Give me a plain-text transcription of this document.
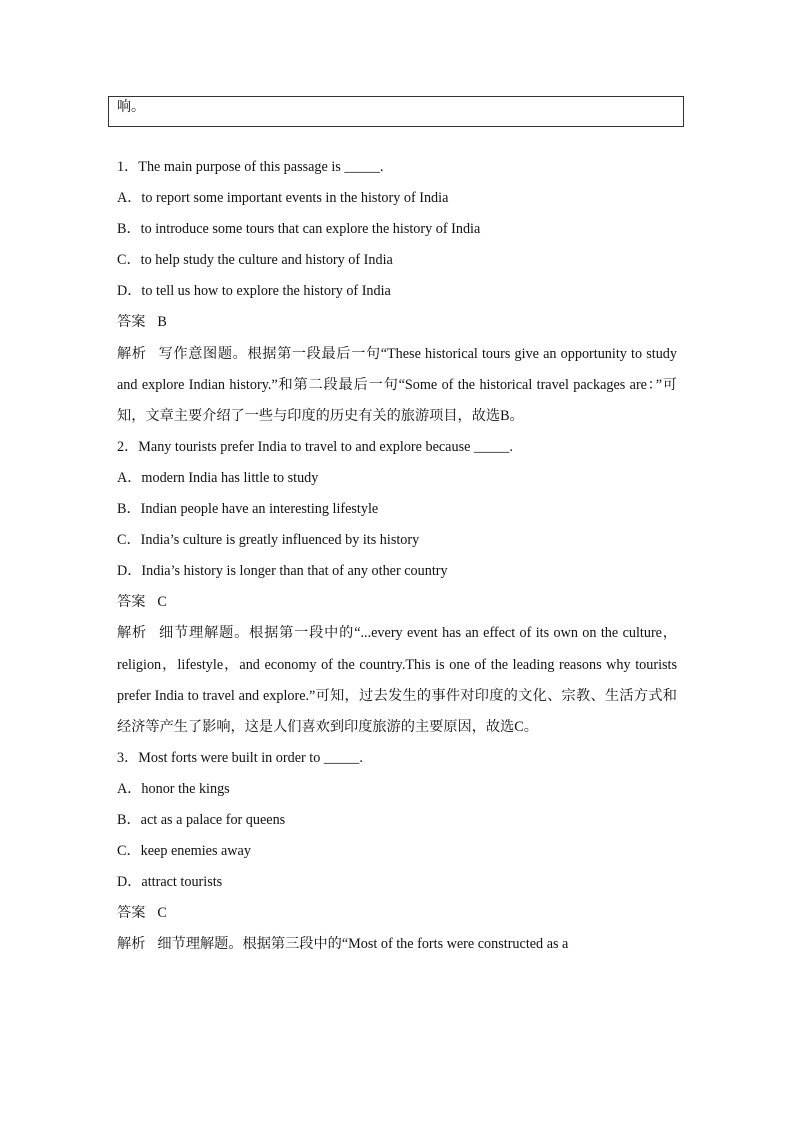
响。
1．The main purpose of this passage is _____.
A．to report some important events in the history of India
B．to introduce some tours that can explore the history of India
C．to help study the culture and history of India
D．to tell us how to explore the history of India
答案 B
解析 写作意图题。根据第一段最后一句“These historical tours give an opportunity to study and explore Indian history.”和第二段最后一句“Some of the historical travel packages are：”可知，文章主要介绍了一些与印度的历史有关的旅游项目，故选B。
2．Many tourists prefer India to travel to and explore because _____.
A．modern India has little to study
B．Indian people have an interesting lifestyle
C．India’s culture is greatly influenced by its history
D．India’s history is longer than that of any other country
答案 C
解析 细节理解题。根据第一段中的“...every event has an effect of its own on the culture，religion，lifestyle，and economy of the country.This is one of the leading reasons why tourists prefer India to travel and explore.”可知，过去发生的事件对印度的文化、宗教、生活方式和经济等产生了影响，这是人们喜欢到印度旅游的主要原因，故选C。
3．Most forts were built in order to _____.
A．honor the kings
B．act as a palace for queens
C．keep enemies away
D．attract tourists
答案 C
解析 细节理解题。根据第三段中的“Most of the forts were constructed as a
